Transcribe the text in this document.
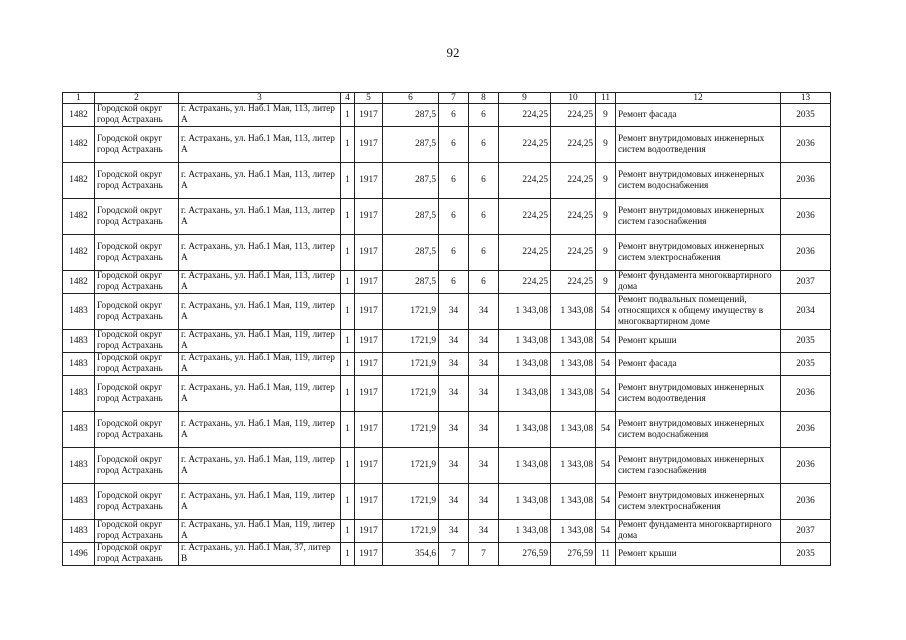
92
1	2	3	4	5	6	7	8	9	10	11	12	13
1482	Городской округ город Астрахань	г. Астрахань, ул. Наб.1 Мая, 113, литер А	1	1917	287,5	6	6	224,25	224,25	9	Ремонт фасада	2035
1482	Городской округ город Астрахань	г. Астрахань, ул. Наб.1 Мая, 113, литер А	1	1917	287,5	6	6	224,25	224,25	9	Ремонт внутридомовых инженерных систем водоотведения	2036
1482	Городской округ город Астрахань	г. Астрахань, ул. Наб.1 Мая, 113, литер А	1	1917	287,5	6	6	224,25	224,25	9	Ремонт внутридомовых инженерных систем водоснабжения	2036
1482	Городской округ город Астрахань	г. Астрахань, ул. Наб.1 Мая, 113, литер А	1	1917	287,5	6	6	224,25	224,25	9	Ремонт внутридомовых инженерных систем газоснабжения	2036
1482	Городской округ город Астрахань	г. Астрахань, ул. Наб.1 Мая, 113, литер А	1	1917	287,5	6	6	224,25	224,25	9	Ремонт внутридомовых инженерных систем электроснабжения	2036
1482	Городской округ город Астрахань	г. Астрахань, ул. Наб.1 Мая, 113, литер А	1	1917	287,5	6	6	224,25	224,25	9	Ремонт фундамента многоквартирного дома	2037
1483	Городской округ город Астрахань	г. Астрахань, ул. Наб.1 Мая, 119, литер А	1	1917	1721,9	34	34	1 343,08	1 343,08	54	Ремонт подвальных помещений, относящихся к общему имуществу в многоквартирном доме	2034
1483	Городской округ город Астрахань	г. Астрахань, ул. Наб.1 Мая, 119, литер А	1	1917	1721,9	34	34	1 343,08	1 343,08	54	Ремонт крыши	2035
1483	Городской округ город Астрахань	г. Астрахань, ул. Наб.1 Мая, 119, литер А	1	1917	1721,9	34	34	1 343,08	1 343,08	54	Ремонт фасада	2035
1483	Городской округ город Астрахань	г. Астрахань, ул. Наб.1 Мая, 119, литер А	1	1917	1721,9	34	34	1 343,08	1 343,08	54	Ремонт внутридомовых инженерных систем водоотведения	2036
1483	Городской округ город Астрахань	г. Астрахань, ул. Наб.1 Мая, 119, литер А	1	1917	1721,9	34	34	1 343,08	1 343,08	54	Ремонт внутридомовых инженерных систем водоснабжения	2036
1483	Городской округ город Астрахань	г. Астрахань, ул. Наб.1 Мая, 119, литер А	1	1917	1721,9	34	34	1 343,08	1 343,08	54	Ремонт внутридомовых инженерных систем газоснабжения	2036
1483	Городской округ город Астрахань	г. Астрахань, ул. Наб.1 Мая, 119, литер А	1	1917	1721,9	34	34	1 343,08	1 343,08	54	Ремонт внутридомовых инженерных систем электроснабжения	2036
1483	Городской округ город Астрахань	г. Астрахань, ул. Наб.1 Мая, 119, литер А	1	1917	1721,9	34	34	1 343,08	1 343,08	54	Ремонт фундамента многоквартирного дома	2037
1496	Городской округ город Астрахань	г. Астрахань, ул. Наб.1 Мая, 37, литер В	1	1917	354,6	7	7	276,59	276,59	11	Ремонт крыши	2035
